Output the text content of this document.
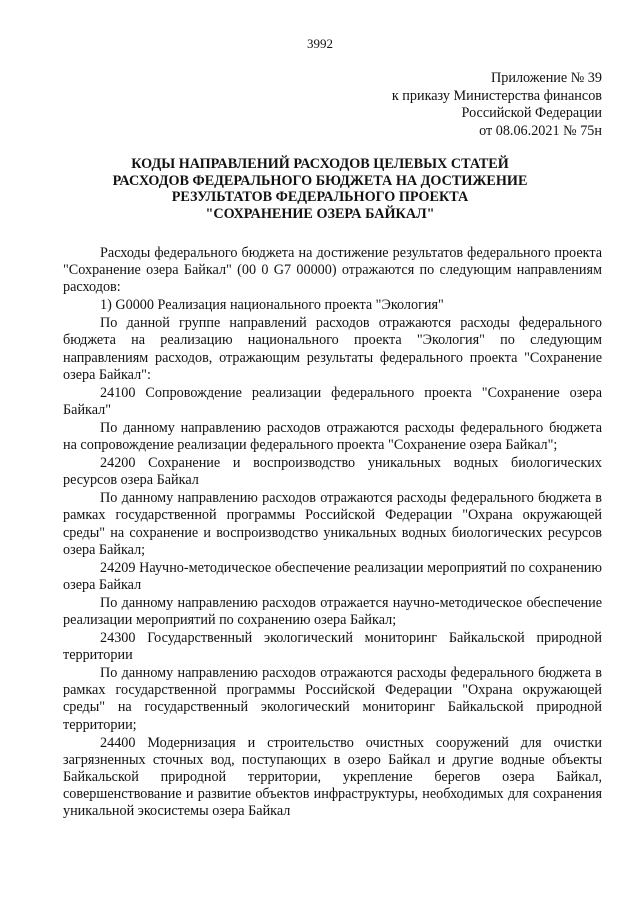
3992
Приложение № 39
к приказу Министерства финансов
Российской Федерации
от 08.06.2021 № 75н
КОДЫ НАПРАВЛЕНИЙ РАСХОДОВ ЦЕЛЕВЫХ СТАТЕЙ
РАСХОДОВ ФЕДЕРАЛЬНОГО БЮДЖЕТА НА ДОСТИЖЕНИЕ
РЕЗУЛЬТАТОВ ФЕДЕРАЛЬНОГО ПРОЕКТА
"СОХРАНЕНИЕ ОЗЕРА БАЙКАЛ"

Расходы федерального бюджета на достижение результатов федерального проекта "Сохранение озера Байкал" (00 0 G7 00000) отражаются по следующим направлениям расходов:

1) G0000 Реализация национального проекта "Экология"

По данной группе направлений расходов отражаются расходы федерального бюджета на реализацию национального проекта "Экология" по следующим направлениям расходов, отражающим результаты федерального проекта "Сохранение озера Байкал":

24100 Сопровождение реализации федерального проекта "Сохранение озера Байкал"

По данному направлению расходов отражаются расходы федерального бюджета на сопровождение реализации федерального проекта "Сохранение озера Байкал";

24200 Сохранение и воспроизводство уникальных водных биологических ресурсов озера Байкал

По данному направлению расходов отражаются расходы федерального бюджета в рамках государственной программы Российской Федерации "Охрана окружающей среды" на сохранение и воспроизводство уникальных водных биологических ресурсов озера Байкал;

24209 Научно-методическое обеспечение реализации мероприятий по сохранению озера Байкал

По данному направлению расходов отражается научно-методическое обеспечение реализации мероприятий по сохранению озера Байкал;

24300 Государственный экологический мониторинг Байкальской природной территории

По данному направлению расходов отражаются расходы федерального бюджета в рамках государственной программы Российской Федерации "Охрана окружающей среды" на государственный экологический мониторинг Байкальской природной территории;

24400 Модернизация и строительство очистных сооружений для очистки загрязненных сточных вод, поступающих в озеро Байкал и другие водные объекты Байкальской природной территории, укрепление берегов озера Байкал, совершенствование и развитие объектов инфраструктуры, необходимых для сохранения уникальной экосистемы озера Байкал
